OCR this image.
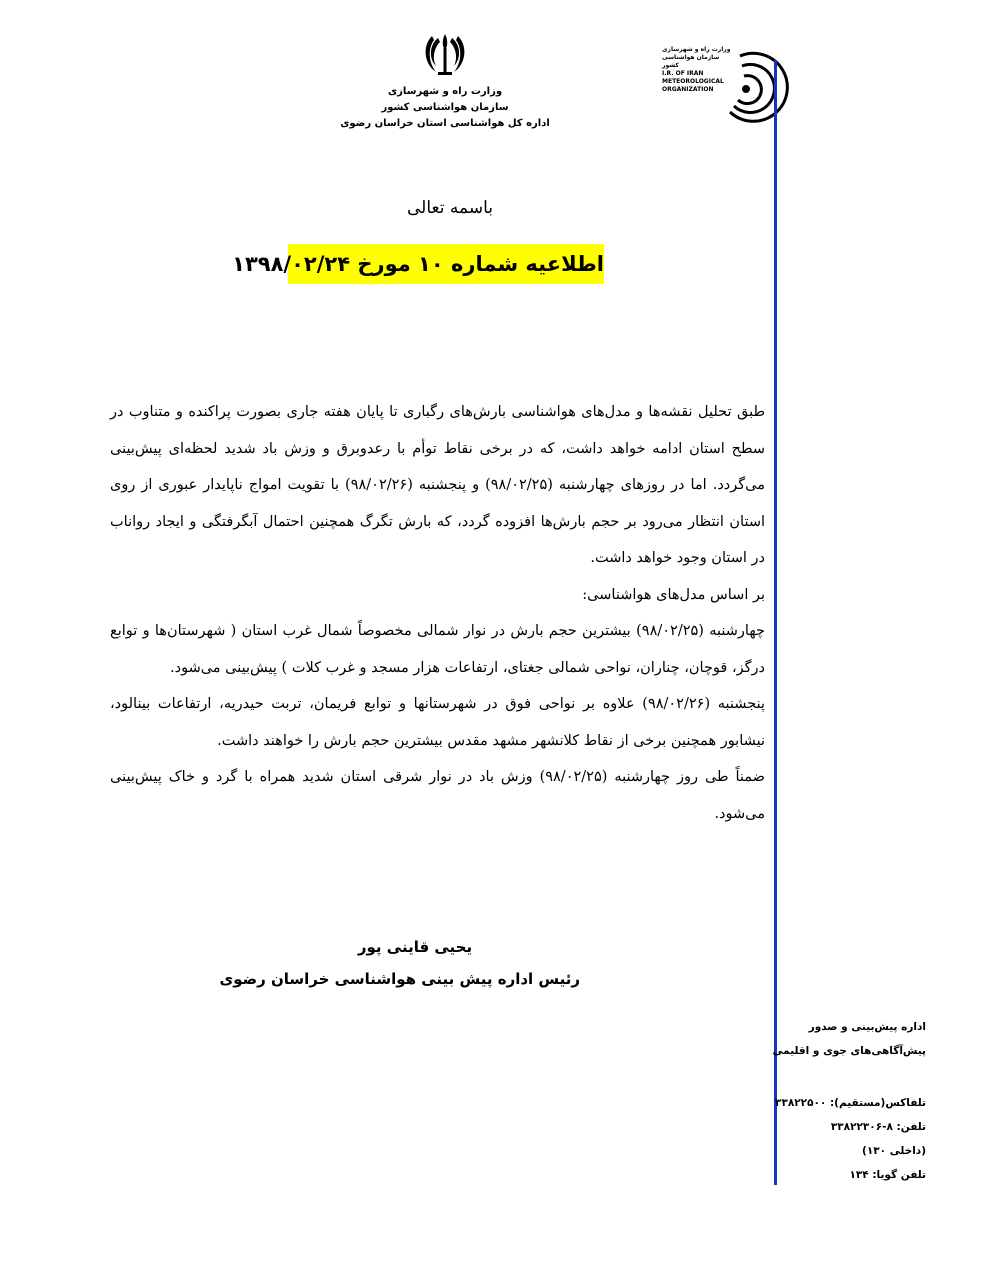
وزارت راه و شهرسازی
سازمان هواشناسی کشور
اداره کل هواشناسی استان خراسان رضوی
وزارت راه و شهرسازی
سازمان هواشناسی کشور
I.R. OF IRAN
METEOROLOGICAL
ORGANIZATION
باسمه تعالی
اطلاعیه شماره ۱۰ مورخ ۱۳۹۸/۰۲/۲۴

طبق تحلیل نقشه‌ها و مدل‌های هواشناسی بارش‌های رگباری تا پایان هفته جاری بصورت پراکنده و متناوب در سطح استان ادامه خواهد داشت، که در برخی نقاط توأم با رعدوبرق و وزش باد شدید لحظه‌ای پیش‌بینی می‌گردد. اما در روزهای چهارشنبه (۹۸/۰۲/۲۵) و پنجشنبه (۹۸/۰۲/۲۶) با تقویت امواج ناپایدار عبوری از روی استان انتظار می‌رود بر حجم بارش‌ها افزوده گردد، که بارش تگرگ همچنین احتمال آبگرفتگی و ایجاد رواناب در استان وجود خواهد داشت.

بر اساس مدل‌های هواشناسی:

چهارشنبه (۹۸/۰۲/۲۵) بیشترین حجم بارش در نوار شمالی مخصوصاً شمال غرب استان ( شهرستان‌ها و توابع درگز، قوچان، چناران، نواحی شمالی جغتای، ارتفاعات هزار مسجد و غرب کلات ) پیش‌بینی می‌شود.

پنجشنبه (۹۸/۰۲/۲۶) علاوه بر نواحی فوق در شهرستانها و توابع فریمان، تربت حیدریه، ارتفاعات بینالود، نیشابور همچنین برخی از نقاط کلانشهر مشهد مقدس بیشترین حجم بارش را خواهند داشت.

ضمناً طی روز چهارشنبه (۹۸/۰۲/۲۵) وزش باد در نوار شرقی استان شدید همراه با گرد و خاک پیش‌بینی می‌شود.

یحیی قاینی پور
رئیس اداره پیش بینی هواشناسی خراسان رضوی
اداره پیش‌بینی و صدور
پیش‌آگاهی‌های جوی و اقلیمی
تلفاکس(مستقیم): ۳۳۸۲۲۵۰۰
تلفن: ۸-۳۳۸۲۲۳۰۶
(داخلی ۱۳۰)
تلفن گویا: ۱۳۴
